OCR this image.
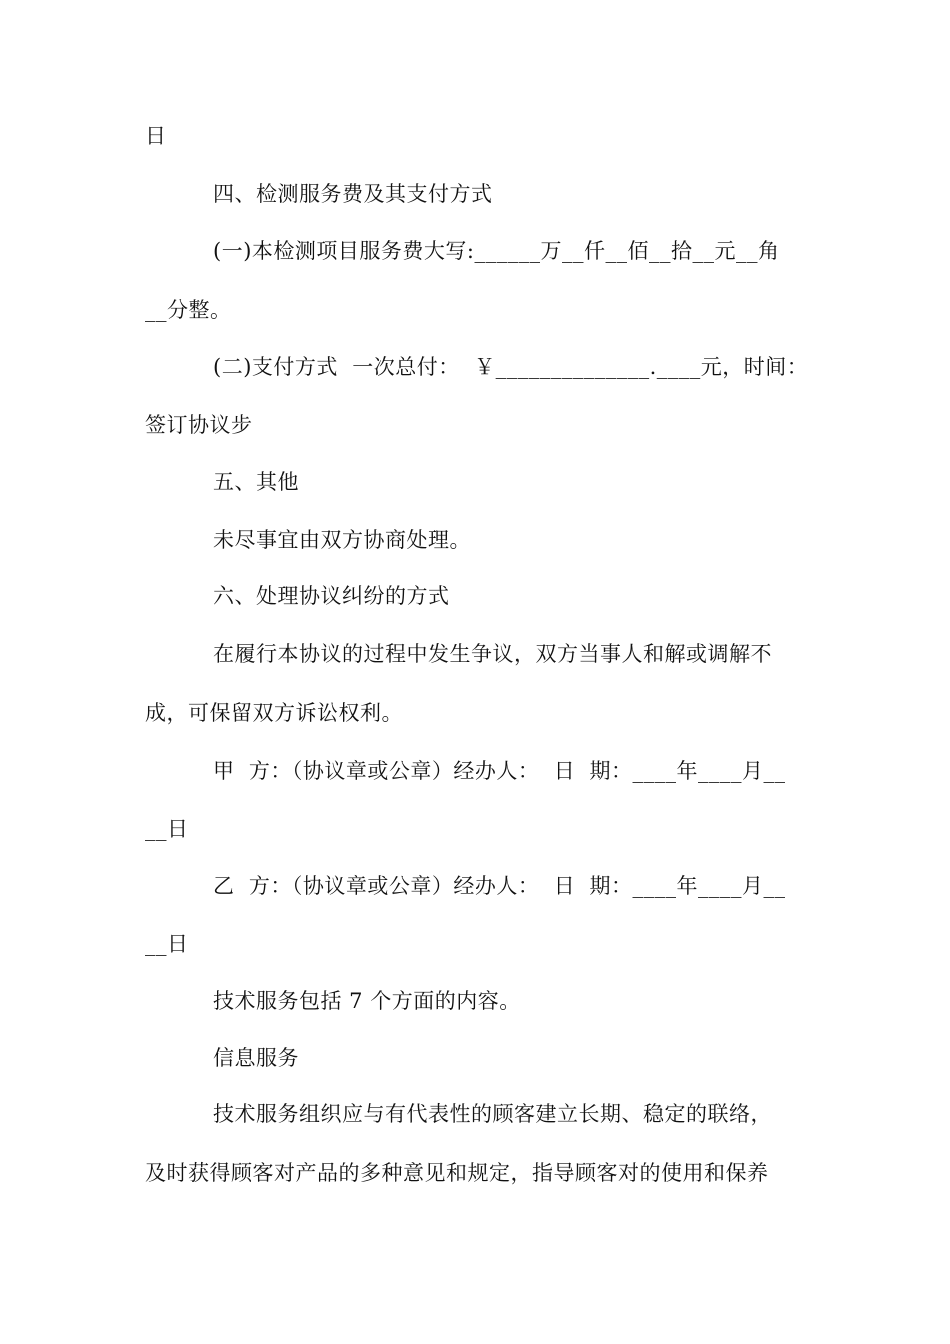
日
四、检测服务费及其支付方式
(一)本检测项目服务费大写:______万__仟__佰__拾__元__角
__分整。
(二)支付方式  一次总付：  ￥______________.____元，时间：
签订协议步
五、其他
未尽事宜由双方协商处理。
六、处理协议纠纷的方式
在履行本协议的过程中发生争议，双方当事人和解或调解不
成，可保留双方诉讼权利。
甲  方：（协议章或公章）经办人：  日  期：____年____月__
__日
乙  方：（协议章或公章）经办人：  日  期：____年____月__
__日
技术服务包括 7 个方面的内容。
信息服务
技术服务组织应与有代表性的顾客建立长期、稳定的联络，
及时获得顾客对产品的多种意见和规定，指导顾客对的使用和保养
